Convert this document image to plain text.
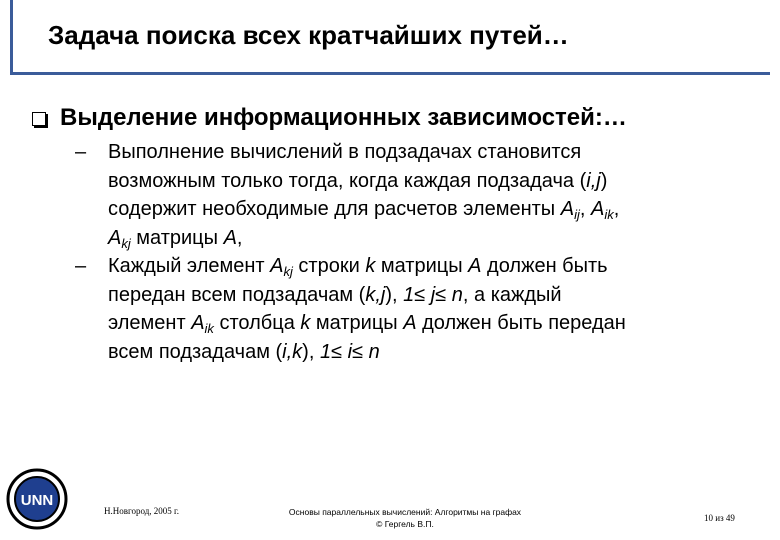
Задача поиска всех кратчайших путей…
Выделение информационных зависимостей:…
– Выполнение вычислений в подзадачах становится
возможным только тогда, когда каждая подзадача (i,j)
содержит необходимые для расчетов элементы $A_{ij}$, $A_{ik}$,
$A_{kj}$ матрицы A,
– Каждый элемент $A_{kj}$ строки k матрицы A должен быть
передан всем подзадачам (k,j), 1≤ j≤ n, а каждый
элемент $A_{ik}$ столбца k матрицы A должен быть передан
всем подзадачам (i,k), 1≤ i≤ n
UNN
Н.Новгород, 2005 г.	Основы параллельных вычислений: Алгоритмы на графах
© Гергель В.П.
10 из 49
